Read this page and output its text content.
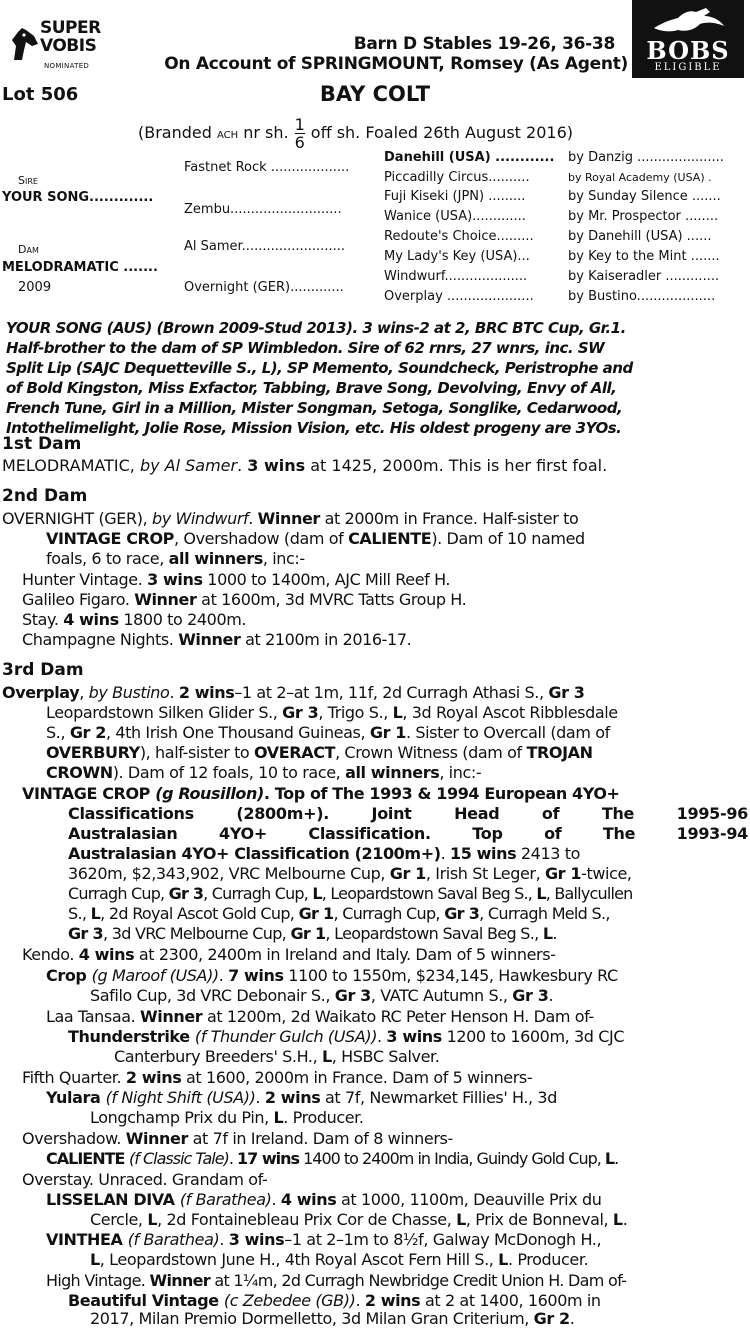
SUPER
VOBIS
NOMINATED
Barn D Stables 19-26, 36-38
On Account of SPRINGMOUNT, Romsey (As Agent) BOBS
ELIGIBLE
Lot 506	BAY COLT
(Branded ACH nr sh. $\frac{1}{6}$ off sh. Foaled 26th August 2016)
Sire
YOUR SONG.............
Dam
MELODRAMATIC .......
2009
Fastnet Rock ...................
Zembu...........................
Al Samer.........................
Overnight (GER).............
Danehill (USA) ............
Piccadilly Circus..........
Fuji Kiseki (JPN) .........
Wanice (USA).............
Redoute's Choice.........
My Lady's Key (USA)...
Windwurf....................
Overplay .....................
by Danzig .....................
by Royal Academy (USA) .
by Sunday Silence .......
by Mr. Prospector ........
by Danehill (USA) ......
by Key to the Mint .......
by Kaiseradler .............
by Bustino...................
YOUR SONG (AUS) (Brown 2009-Stud 2013). 3 wins-2 at 2, BRC BTC Cup, Gr.1.
Half-brother to the dam of SP Wimbledon. Sire of 62 rnrs, 27 wnrs, inc. SW
Split Lip (SAJC Dequetteville S., L), SP Memento, Soundcheck, Peristrophe and
of Bold Kingston, Miss Exfactor, Tabbing, Brave Song, Devolving, Envy of All,
French Tune, Girl in a Million, Mister Songman, Setoga, Songlike, Cedarwood,
Intothelimelight, Jolie Rose, Mission Vision, etc. His oldest progeny are 3YOs.
1st Dam
MELODRAMATIC, by Al Samer. 3 wins at 1425, 2000m. This is her first foal.
2nd Dam
OVERNIGHT (GER), by Windwurf. Winner at 2000m in France. Half-sister to
VINTAGE CROP, Overshadow (dam of CALIENTE). Dam of 10 named
foals, 6 to race, all winners, inc:-
Hunter Vintage. 3 wins 1000 to 1400m, AJC Mill Reef H.
Galileo Figaro. Winner at 1600m, 3d MVRC Tatts Group H.
Stay. 4 wins 1800 to 2400m.
Champagne Nights. Winner at 2100m in 2016-17.
3rd Dam
Overplay, by Bustino. 2 wins–1 at 2–at 1m, 11f, 2d Curragh Athasi S., Gr 3
Leopardstown Silken Glider S., Gr 3, Trigo S., L, 3d Royal Ascot Ribblesdale
S., Gr 2, 4th Irish One Thousand Guineas, Gr 1. Sister to Overcall (dam of
OVERBURY), half-sister to OVERACT, Crown Witness (dam of TROJAN
CROWN). Dam of 12 foals, 10 to race, all winners, inc:-
VINTAGE CROP (g Rousillon). Top of The 1993 & 1994 European 4YO+
Classifications (2800m+). Joint Head of The 1995-96
Australasian 4YO+ Classification. Top of The 1993-94
Australasian 4YO+ Classification (2100m+). 15 wins 2413 to
3620m, $2,343,902, VRC Melbourne Cup, Gr 1, Irish St Leger, Gr 1-twice,
Curragh Cup, Gr 3, Curragh Cup, L, Leopardstown Saval Beg S., L, Ballycullen
S., L, 2d Royal Ascot Gold Cup, Gr 1, Curragh Cup, Gr 3, Curragh Meld S.,
Gr 3, 3d VRC Melbourne Cup, Gr 1, Leopardstown Saval Beg S., L.
Kendo. 4 wins at 2300, 2400m in Ireland and Italy. Dam of 5 winners-
Crop (g Maroof (USA)). 7 wins 1100 to 1550m, $234,145, Hawkesbury RC
Safilo Cup, 3d VRC Debonair S., Gr 3, VATC Autumn S., Gr 3.
Laa Tansaa. Winner at 1200m, 2d Waikato RC Peter Henson H. Dam of-
Thunderstrike (f Thunder Gulch (USA)). 3 wins 1200 to 1600m, 3d CJC
Canterbury Breeders' S.H., L, HSBC Salver.
Fifth Quarter. 2 wins at 1600, 2000m in France. Dam of 5 winners-
Yulara (f Night Shift (USA)). 2 wins at 7f, Newmarket Fillies' H., 3d
Longchamp Prix du Pin, L. Producer.
Overshadow. Winner at 7f in Ireland. Dam of 8 winners-
CALIENTE (f Classic Tale). 17 wins 1400 to 2400m in India, Guindy Gold Cup, L.
Overstay. Unraced. Grandam of-
LISSELAN DIVA (f Barathea). 4 wins at 1000, 1100m, Deauville Prix du
Cercle, L, 2d Fontainebleau Prix Cor de Chasse, L, Prix de Bonneval, L.
VINTHEA (f Barathea). 3 wins–1 at 2–1m to 8½f, Galway McDonogh H.,
L, Leopardstown June H., 4th Royal Ascot Fern Hill S., L. Producer.
High Vintage. Winner at 1¼m, 2d Curragh Newbridge Credit Union H. Dam of-
Beautiful Vintage (c Zebedee (GB)). 2 wins at 2 at 1400, 1600m in
2017, Milan Premio Dormelletto, 3d Milan Gran Criterium, Gr 2.
